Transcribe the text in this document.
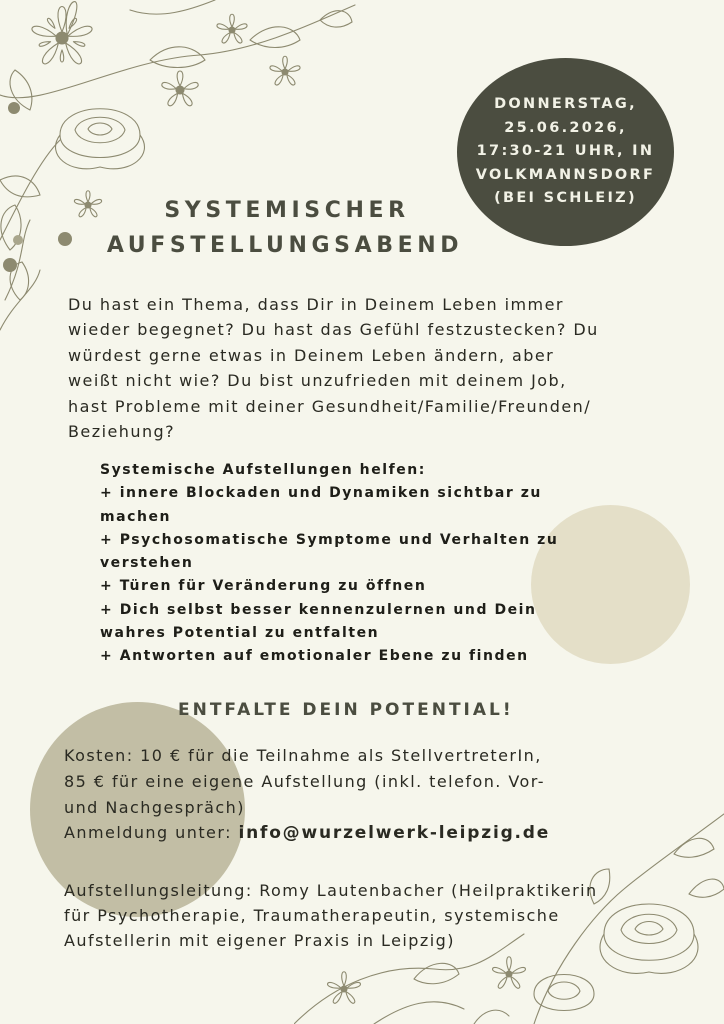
DONNERSTAG,
25.06.2026,
17:30-21 UHR, IN
VOLKMANNSDORF
(BEI SCHLEIZ)
SYSTEMISCHER
AUFSTELLUNGSABEND
Du hast ein Thema, dass Dir in Deinem Leben immer
wieder begegnet? Du hast das Gefühl festzustecken? Du
würdest gerne etwas in Deinem Leben ändern, aber
weißt nicht wie? Du bist unzufrieden mit deinem Job,
hast Probleme mit deiner Gesundheit/Familie/Freunden/
Beziehung?
Systemische Aufstellungen helfen:
+ innere Blockaden und Dynamiken sichtbar zu
machen
+ Psychosomatische Symptome und Verhalten zu
verstehen
+ Türen für Veränderung zu öffnen
+ Dich selbst besser kennenzulernen und Dein
wahres Potential zu entfalten
+ Antworten auf emotionaler Ebene zu finden
ENTFALTE DEIN POTENTIAL!
Kosten: 10 € für die Teilnahme als StellvertreterIn,
85 € für eine eigene Aufstellung (inkl. telefon. Vor-
und Nachgespräch)
Anmeldung unter: info@wurzelwerk-leipzig.de
Aufstellungsleitung: Romy Lautenbacher (Heilpraktikerin
für Psychotherapie, Traumatherapeutin, systemische
Aufstellerin mit eigener Praxis in Leipzig)
